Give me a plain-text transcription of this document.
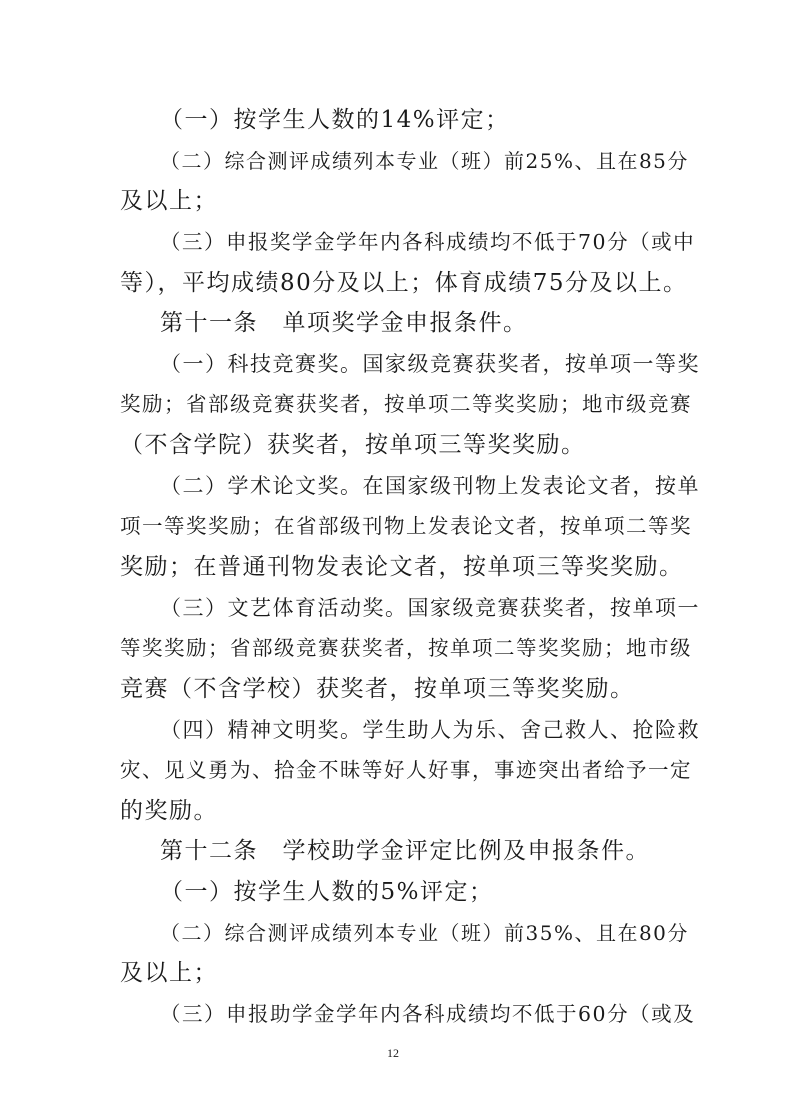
（一）按学生人数的14%评定；
（二）综合测评成绩列本专业（班）前25%、且在85分
及以上；
（三）申报奖学金学年内各科成绩均不低于70分（或中
等），平均成绩80分及以上；体育成绩75分及以上。
第十一条　单项奖学金申报条件。
（一）科技竞赛奖。国家级竞赛获奖者，按单项一等奖
奖励；省部级竞赛获奖者，按单项二等奖奖励；地市级竞赛
（不含学院）获奖者，按单项三等奖奖励。
（二）学术论文奖。在国家级刊物上发表论文者，按单
项一等奖奖励；在省部级刊物上发表论文者，按单项二等奖
奖励；在普通刊物发表论文者，按单项三等奖奖励。
（三）文艺体育活动奖。国家级竞赛获奖者，按单项一
等奖奖励；省部级竞赛获奖者，按单项二等奖奖励；地市级
竞赛（不含学校）获奖者，按单项三等奖奖励。
（四）精神文明奖。学生助人为乐、舍己救人、抢险救
灾、见义勇为、拾金不昧等好人好事，事迹突出者给予一定
的奖励。
第十二条　学校助学金评定比例及申报条件。
（一）按学生人数的5%评定；
（二）综合测评成绩列本专业（班）前35%、且在80分
及以上；
（三）申报助学金学年内各科成绩均不低于60分（或及
12
